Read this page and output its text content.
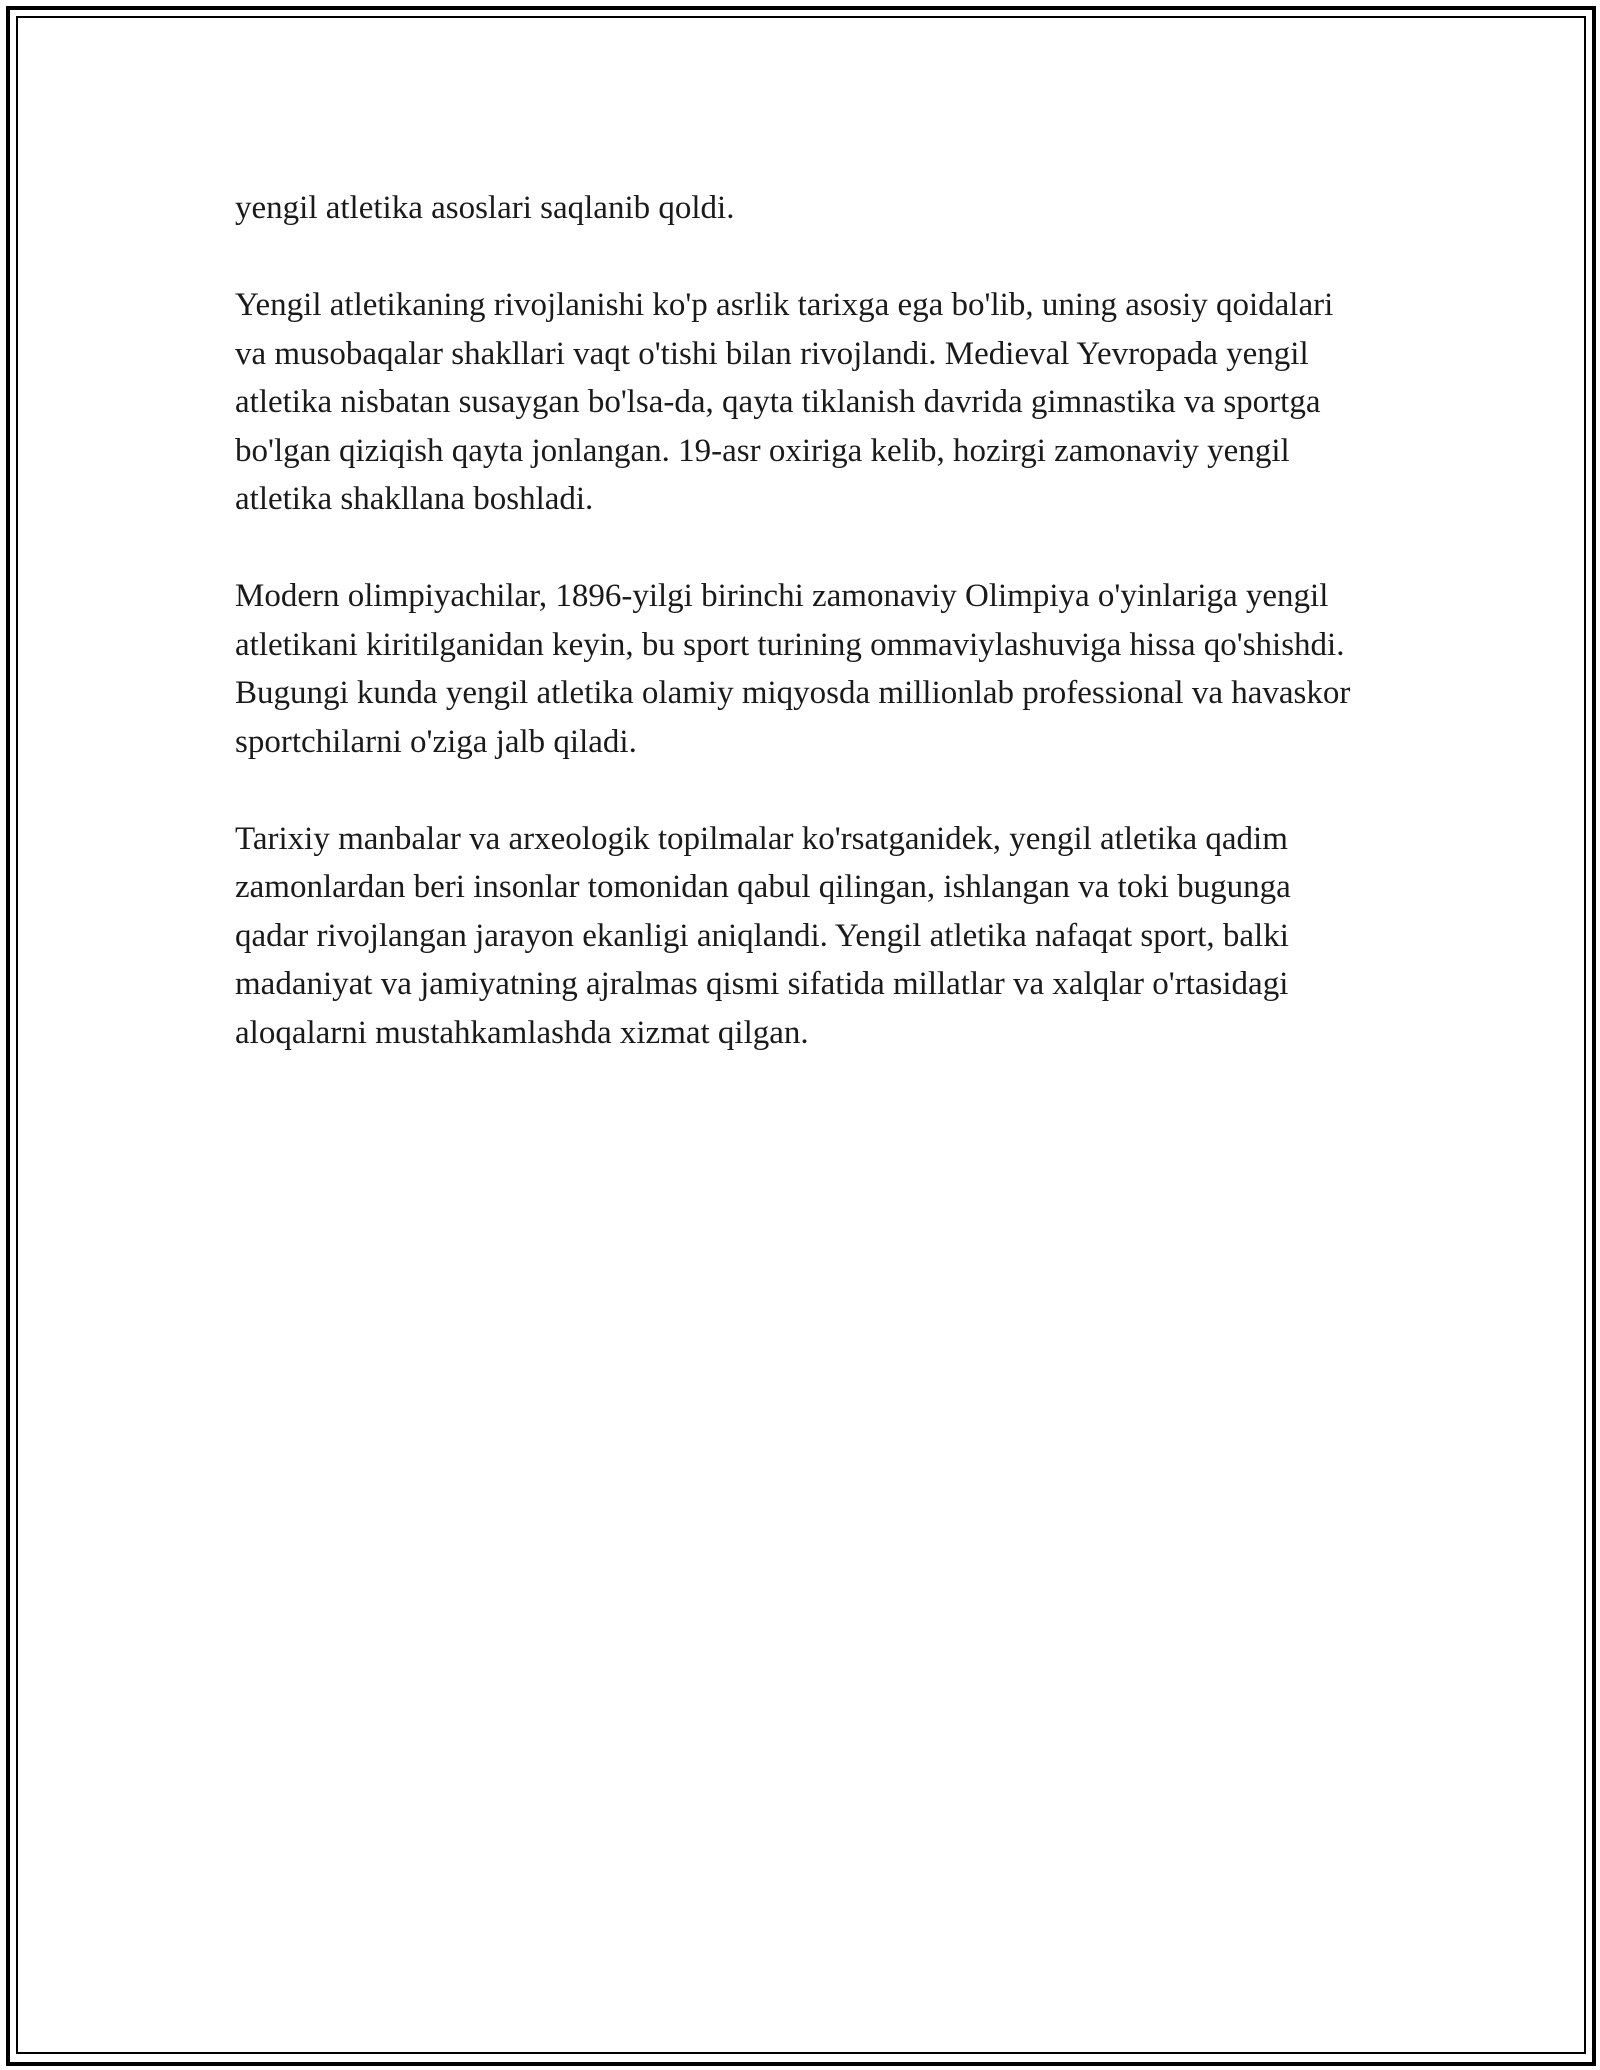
yengil atletika asoslari saqlanib qoldi.

Yengil atletikaning rivojlanishi ko'p asrlik tarixga ega bo'lib, uning asosiy qoidalari va musobaqalar shakllari vaqt o'tishi bilan rivojlandi. Medieval Yevropada yengil atletika nisbatan susaygan bo'lsa-da, qayta tiklanish davrida gimnastika va sportga bo'lgan qiziqish qayta jonlangan. 19-asr oxiriga kelib, hozirgi zamonaviy yengil atletika shakllana boshladi.

Modern olimpiyachilar, 1896-yilgi birinchi zamonaviy Olimpiya o'yinlariga yengil atletikani kiritilganidan keyin, bu sport turining ommaviylashuviga hissa qo'shishdi. Bugungi kunda yengil atletika olamiy miqyosda millionlab professional va havaskor sportchilarni o'ziga jalb qiladi.

Tarixiy manbalar va arxeologik topilmalar ko'rsatganidek, yengil atletika qadim zamonlardan beri insonlar tomonidan qabul qilingan, ishlangan va toki bugunga qadar rivojlangan jarayon ekanligi aniqlandi. Yengil atletika nafaqat sport, balki madaniyat va jamiyatning ajralmas qismi sifatida millatlar va xalqlar o'rtasidagi aloqalarni mustahkamlashda xizmat qilgan.
